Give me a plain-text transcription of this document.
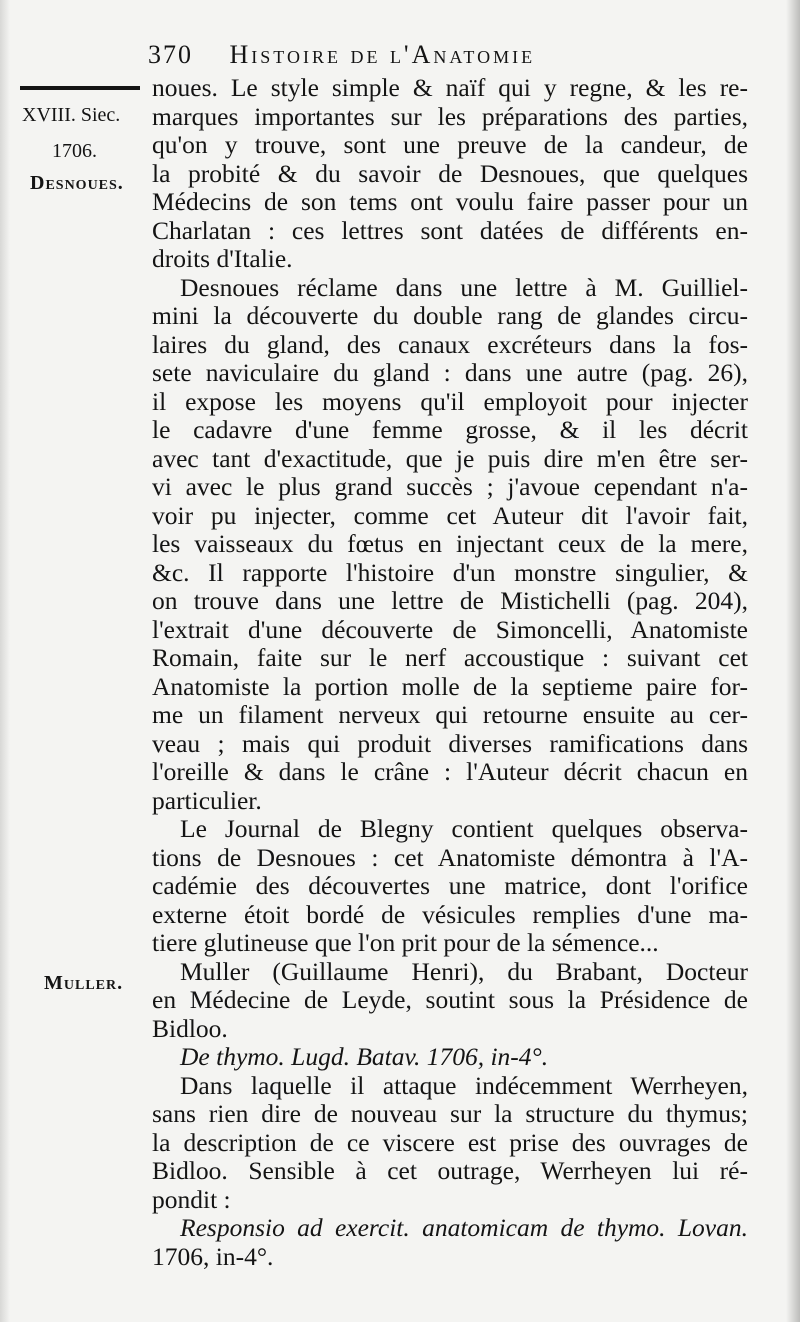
370 Histoire de l'Anatomie
XVIII. Siec.
1706.
Desnoues.
Muller.
noues. Le style simple & naïf qui y regne, & les re-
marques importantes sur les préparations des parties,
qu'on y trouve, sont une preuve de la candeur, de
la probité & du savoir de Desnoues, que quelques
Médecins de son tems ont voulu faire passer pour un
Charlatan : ces lettres sont datées de différents en-
droits d'Italie.
Desnoues réclame dans une lettre à M. Guilliel-
mini la découverte du double rang de glandes circu-
laires du gland, des canaux excréteurs dans la fos-
sete naviculaire du gland : dans une autre (pag. 26),
il expose les moyens qu'il employoit pour injecter
le cadavre d'une femme grosse, & il les décrit
avec tant d'exactitude, que je puis dire m'en être ser-
vi avec le plus grand succès ; j'avoue cependant n'a-
voir pu injecter, comme cet Auteur dit l'avoir fait,
les vaisseaux du fœtus en injectant ceux de la mere,
&c. Il rapporte l'histoire d'un monstre singulier, &
on trouve dans une lettre de Mistichelli (pag. 204),
l'extrait d'une découverte de Simoncelli, Anatomiste
Romain, faite sur le nerf accoustique : suivant cet
Anatomiste la portion molle de la septieme paire for-
me un filament nerveux qui retourne ensuite au cer-
veau ; mais qui produit diverses ramifications dans
l'oreille & dans le crâne : l'Auteur décrit chacun en
particulier.
Le Journal de Blegny contient quelques observa-
tions de Desnoues : cet Anatomiste démontra à l'A-
cadémie des découvertes une matrice, dont l'orifice
externe étoit bordé de vésicules remplies d'une ma-
tiere glutineuse que l'on prit pour de la sémence...
Muller (Guillaume Henri), du Brabant, Docteur
en Médecine de Leyde, soutint sous la Présidence de
Bidloo.
De thymo. Lugd. Batav. 1706, in-4°.
Dans laquelle il attaque indécemment Werrheyen,
sans rien dire de nouveau sur la structure du thymus;
la description de ce viscere est prise des ouvrages de
Bidloo. Sensible à cet outrage, Werrheyen lui ré-
pondit :
Responsio ad exercit. anatomicam de thymo. Lovan.
1706, in-4°.
